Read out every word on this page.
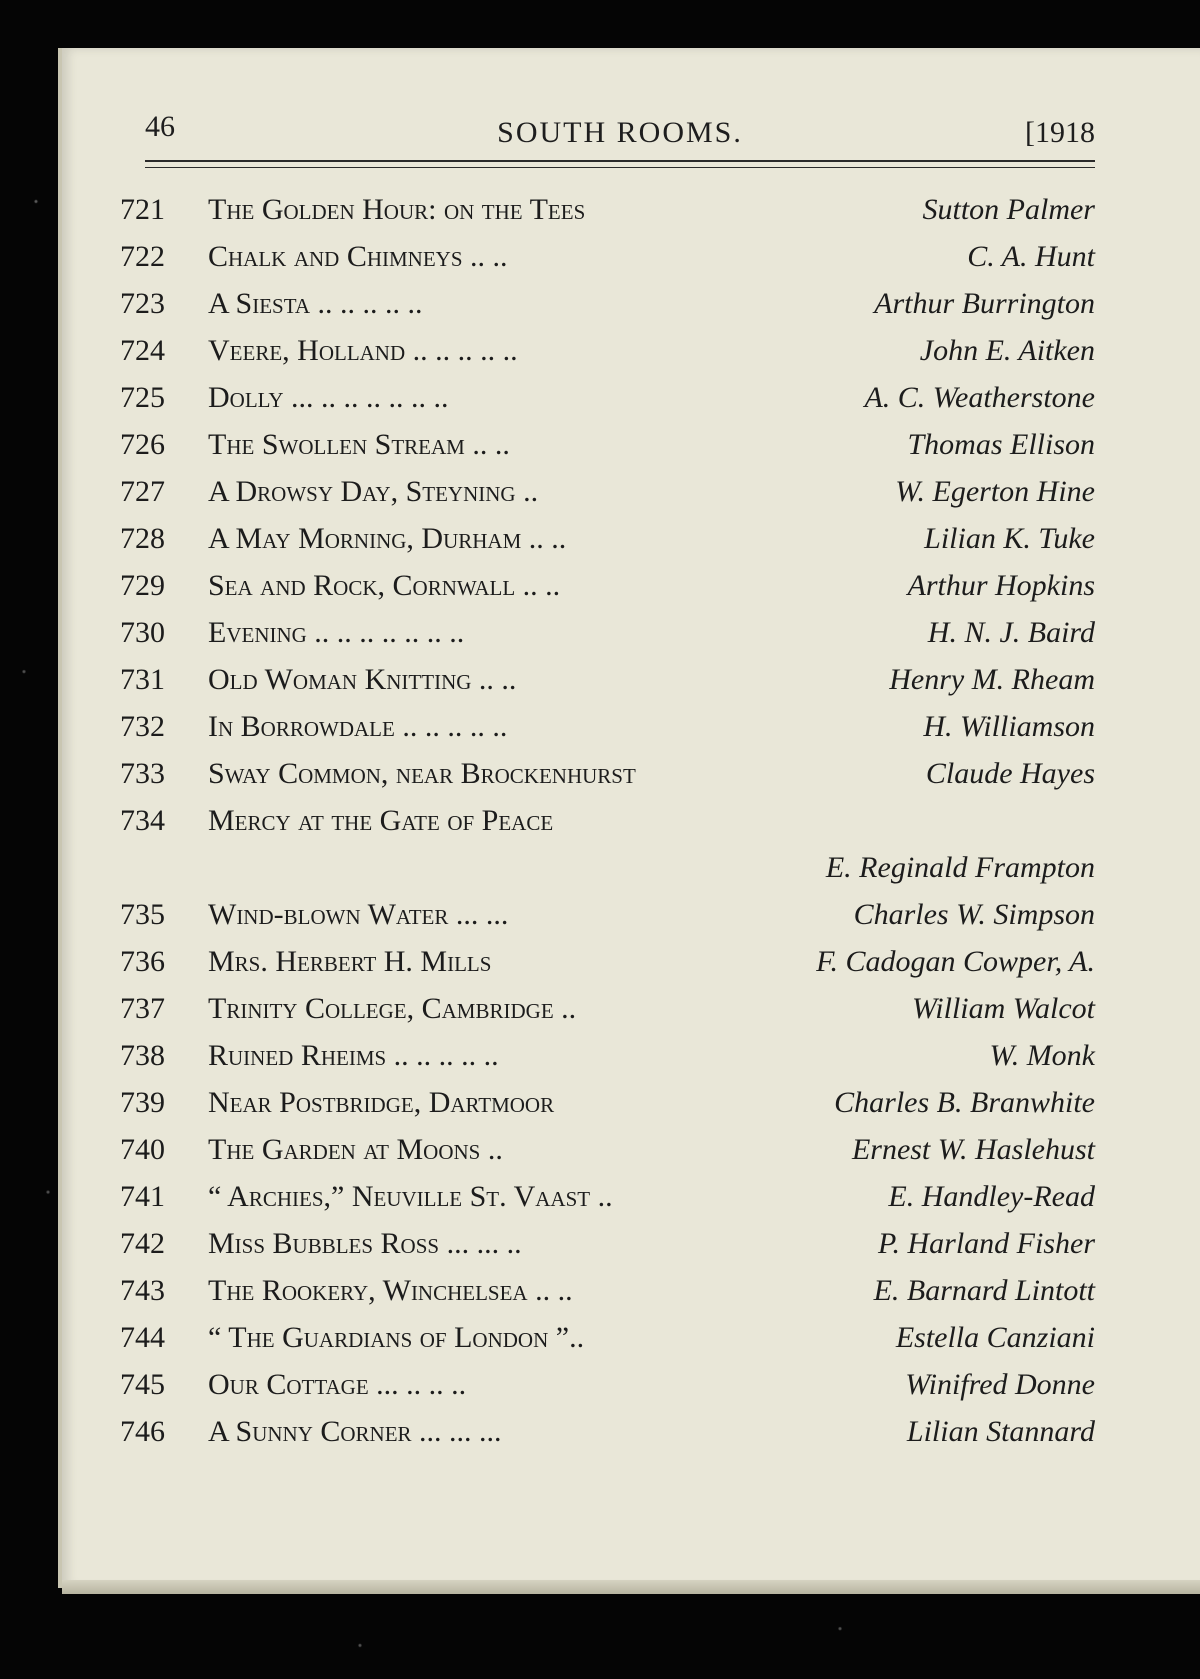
46	SOUTH ROOMS.	[1918
721	The Golden Hour: on the Tees	Sutton Palmer
722	Chalk and Chimneys .. ..	C. A. Hunt
723	A Siesta .. .. .. .. ..	Arthur Burrington
724	Veere, Holland .. .. .. .. ..	John E. Aitken
725	Dolly ... .. .. .. .. .. ..	A. C. Weatherstone
726	The Swollen Stream .. ..	Thomas Ellison
727	A Drowsy Day, Steyning ..	W. Egerton Hine
728	A May Morning, Durham .. ..	Lilian K. Tuke
729	Sea and Rock, Cornwall .. ..	Arthur Hopkins
730	Evening .. .. .. .. .. .. ..	H. N. J. Baird
731	Old Woman Knitting .. ..	Henry M. Rheam
732	In Borrowdale .. .. .. .. ..	H. Williamson
733	Sway Common, near Brockenhurst	Claude Hayes
734	Mercy at the Gate of Peace
E. Reginald Frampton
735	Wind-blown Water ... ...	Charles W. Simpson
736	Mrs. Herbert H. Mills	F. Cadogan Cowper, A.
737	Trinity College, Cambridge ..	William Walcot
738	Ruined Rheims .. .. .. .. ..	W. Monk
739	Near Postbridge, Dartmoor	Charles B. Branwhite
740	The Garden at Moons ..	Ernest W. Haslehust
741	“ Archies,” Neuville St. Vaast ..	E. Handley-Read
742	Miss Bubbles Ross ... ... ..	P. Harland Fisher
743	The Rookery, Winchelsea .. ..	E. Barnard Lintott
744	“ The Guardians of London ”..	Estella Canziani
745	Our Cottage ... .. .. ..	Winifred Donne
746	A Sunny Corner ... ... ...	Lilian Stannard
